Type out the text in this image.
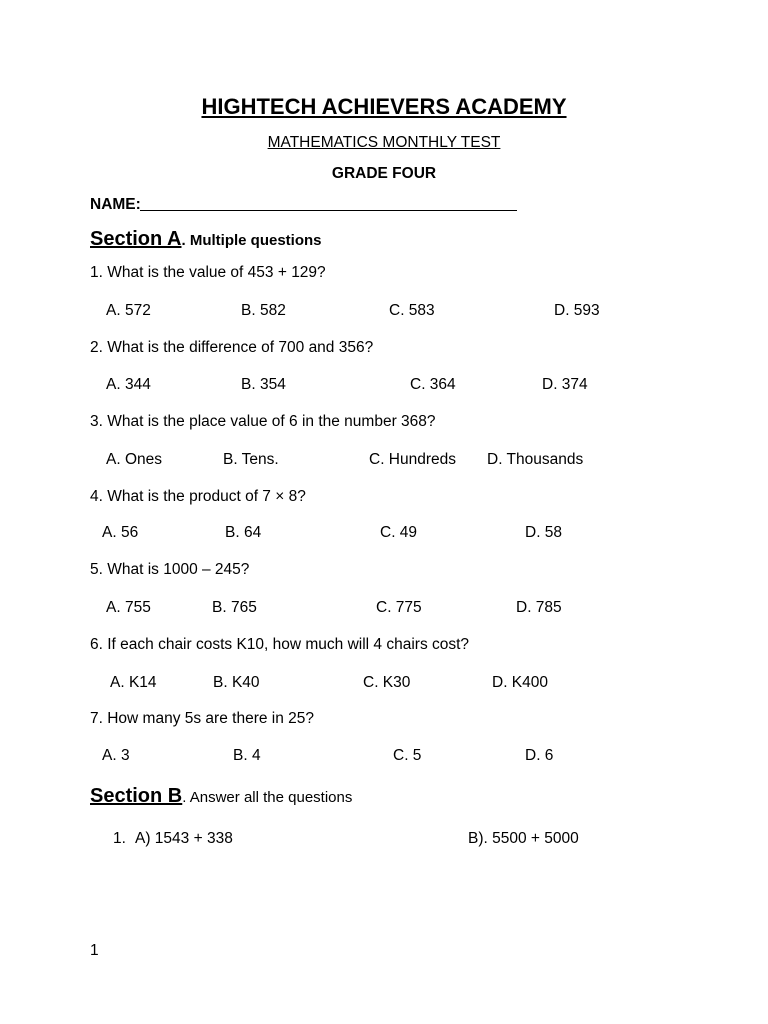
HIGHTECH ACHIEVERS ACADEMY
MATHEMATICS MONTHLY TEST
GRADE FOUR
NAME:
Section A. Multiple questions
1. What is the value of 453 + 129?
A. 572	B. 582	C. 583	D. 593
2. What is the difference of 700 and 356?
A. 344	B. 354	C. 364	D. 374
3. What is the place value of 6 in the number 368?
A. Ones	B. Tens.	C. Hundreds D. Thousands
4. What is the product of 7 × 8?
A. 56	B. 64	C. 49	D. 58
5. What is 1000 – 245?
A. 755	B. 765	C. 775	D. 785
6. If each chair costs K10, how much will 4 chairs cost?
A. K14	B. K40	C. K30	D. K400
7. How many 5s are there in 25?
A. 3	B. 4	C. 5	D. 6
Section B. Answer all the questions
1. A) 1543 + 338	B). 5500 + 5000
1
